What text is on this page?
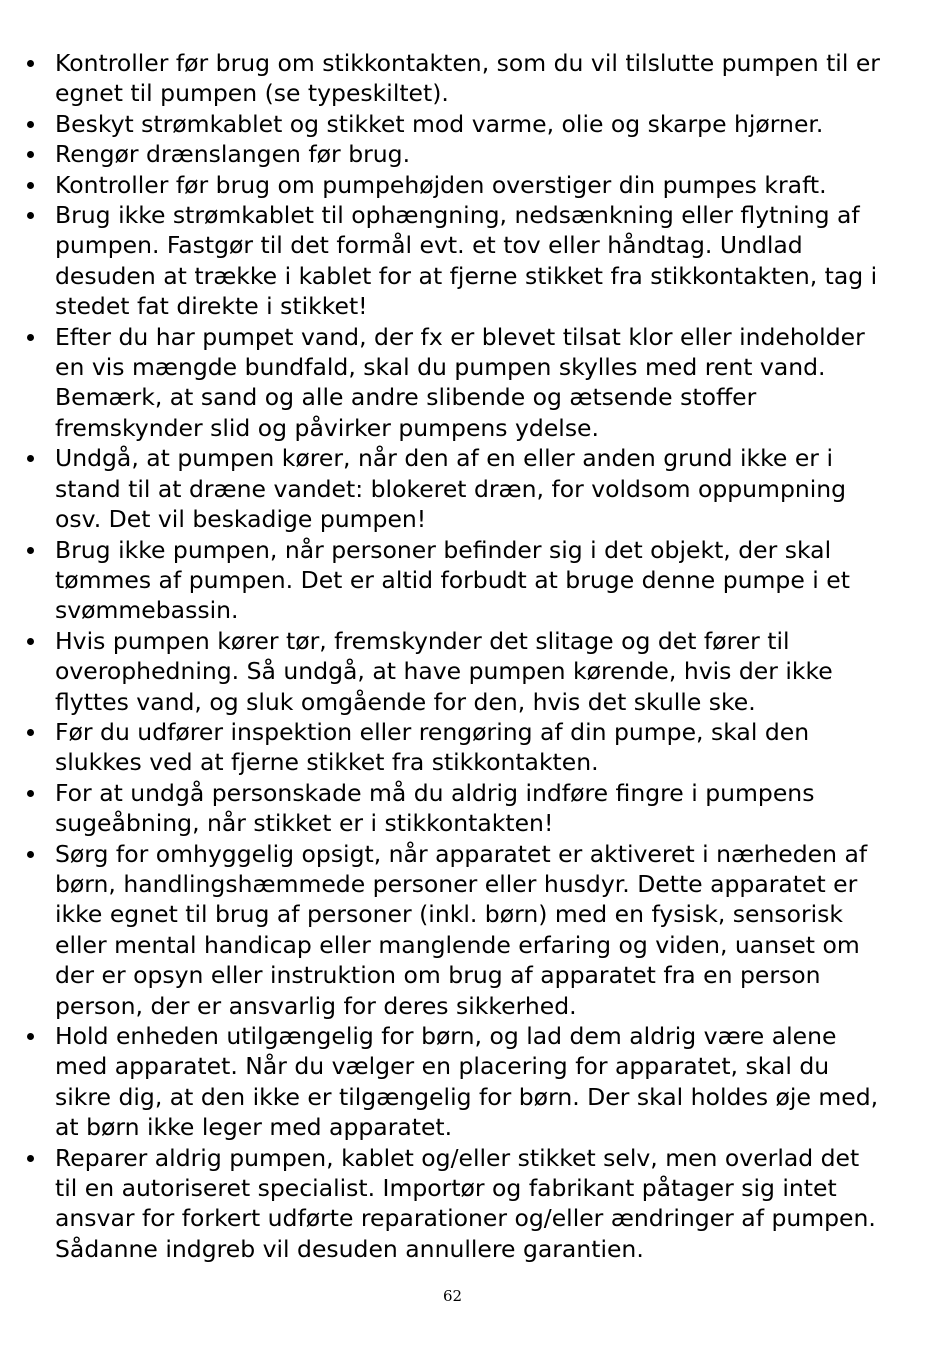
Kontroller før brug om stikkontakten, som du vil tilslutte pumpen til er egnet til pumpen (se typeskiltet).
Beskyt strømkablet og stikket mod varme, olie og skarpe hjørner.
Rengør drænslangen før brug.
Kontroller før brug om pumpehøjden overstiger din pumpes kraft.
Brug ikke strømkablet til ophængning, nedsænkning eller flytning af pumpen. Fastgør til det formål evt. et tov eller håndtag. Undlad desuden at trække i kablet for at fjerne stikket fra stikkontakten, tag i stedet fat direkte i stikket!
Efter du har pumpet vand, der fx er blevet tilsat klor eller indeholder en vis mængde bundfald, skal du pumpen skylles med rent vand. Bemærk, at sand og alle andre slibende og ætsende stoffer fremskynder slid og påvirker pumpens ydelse.
Undgå, at pumpen kører, når den af en eller anden grund ikke er i stand til at dræne vandet: blokeret dræn, for voldsom oppumpning osv. Det vil beskadige pumpen!
Brug ikke pumpen, når personer befinder sig i det objekt, der skal tømmes af pumpen. Det er altid forbudt at bruge denne pumpe i et svømmebassin.
Hvis pumpen kører tør, fremskynder det slitage og det fører til overophedning. Så undgå, at have pumpen kørende, hvis der ikke flyttes vand, og sluk omgående for den, hvis det skulle ske.
Før du udfører inspektion eller rengøring af din pumpe, skal den slukkes ved at fjerne stikket fra stikkontakten.
For at undgå personskade må du aldrig indføre fingre i pumpens sugeåbning, når stikket er i stikkontakten!
Sørg for omhyggelig opsigt, når apparatet er aktiveret i nærheden af børn, handlingshæmmede personer eller husdyr. Dette apparatet er ikke egnet til brug af personer (inkl. børn) med en fysisk, sensorisk eller mental handicap eller manglende erfaring og viden, uanset om der er opsyn eller instruktion om brug af apparatet fra en person person, der er ansvarlig for deres sikkerhed.
Hold enheden utilgængelig for børn, og lad dem aldrig være alene med apparatet. Når du vælger en placering for apparatet, skal du sikre dig, at den ikke er tilgængelig for børn. Der skal holdes øje med, at børn ikke leger med apparatet.
Reparer aldrig pumpen, kablet og/eller stikket selv, men overlad det til en autoriseret specialist. Importør og fabrikant påtager sig intet ansvar for forkert udførte reparationer og/eller ændringer af pumpen. Sådanne indgreb vil desuden annullere garantien.
62
